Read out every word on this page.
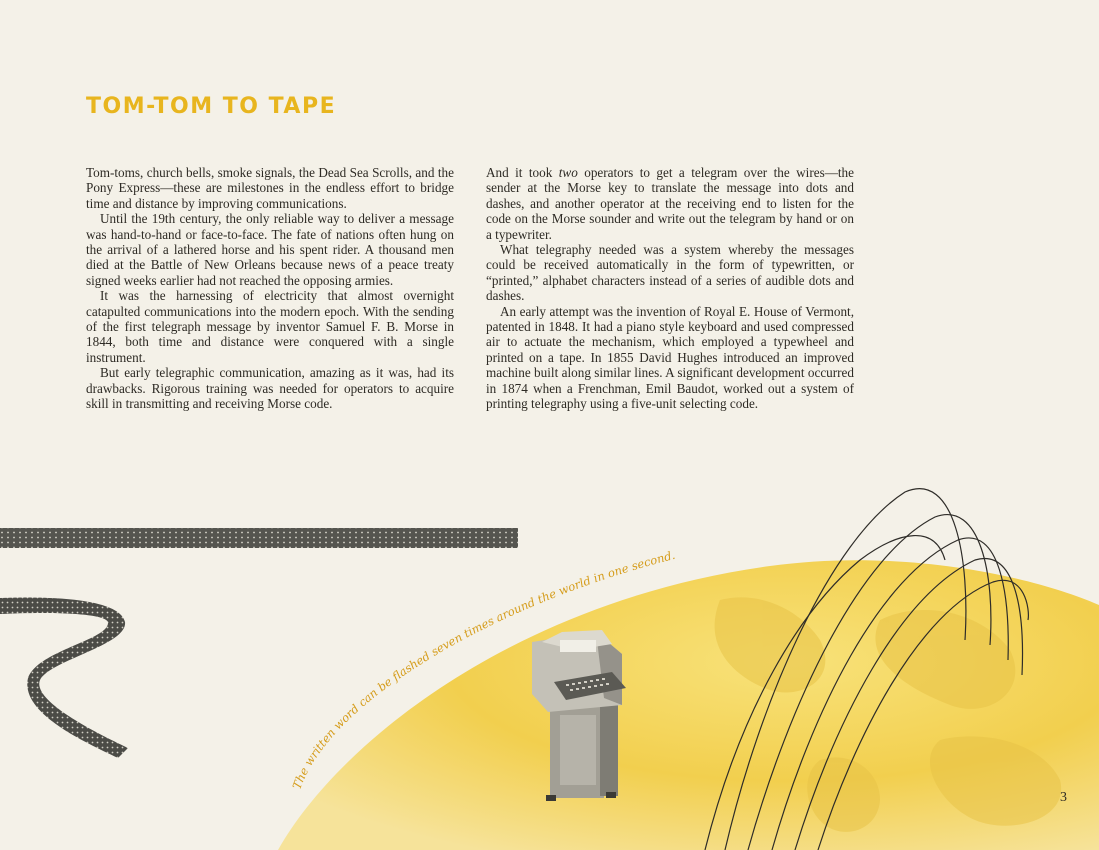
The written word can be flashed seven times around the world in one second.
TOM-TOM TO TAPE

Tom-toms, church bells, smoke signals, the Dead Sea Scrolls, and the Pony Express—these are milestones in the endless effort to bridge time and distance by improving communications.

Until the 19th century, the only reliable way to deliver a message was hand-to-hand or face-to-face. The fate of nations often hung on the arrival of a lathered horse and his spent rider. A thousand men died at the Battle of New Orleans because news of a peace treaty signed weeks earlier had not reached the opposing armies.

It was the harnessing of electricity that almost overnight catapulted communications into the modern epoch. With the sending of the first telegraph message by inventor Samuel F. B. Morse in 1844, both time and distance were conquered with a single instrument.

But early telegraphic communication, amazing as it was, had its drawbacks. Rigorous training was needed for operators to acquire skill in transmitting and receiving Morse code.

And it took two operators to get a telegram over the wires—the sender at the Morse key to translate the message into dots and dashes, and another operator at the receiving end to listen for the code on the Morse sounder and write out the telegram by hand or on a typewriter.

What telegraphy needed was a system whereby the messages could be received automatically in the form of typewritten, or “printed,” alphabet characters instead of a series of audible dots and dashes.

An early attempt was the invention of Royal E. House of Vermont, patented in 1848. It had a piano style keyboard and used compressed air to actuate the mechanism, which employed a typewheel and printed on a tape. In 1855 David Hughes introduced an improved machine built along similar lines. A significant development occurred in 1874 when a Frenchman, Emil Baudot, worked out a system of printing telegraphy using a five-unit selecting code.

3
